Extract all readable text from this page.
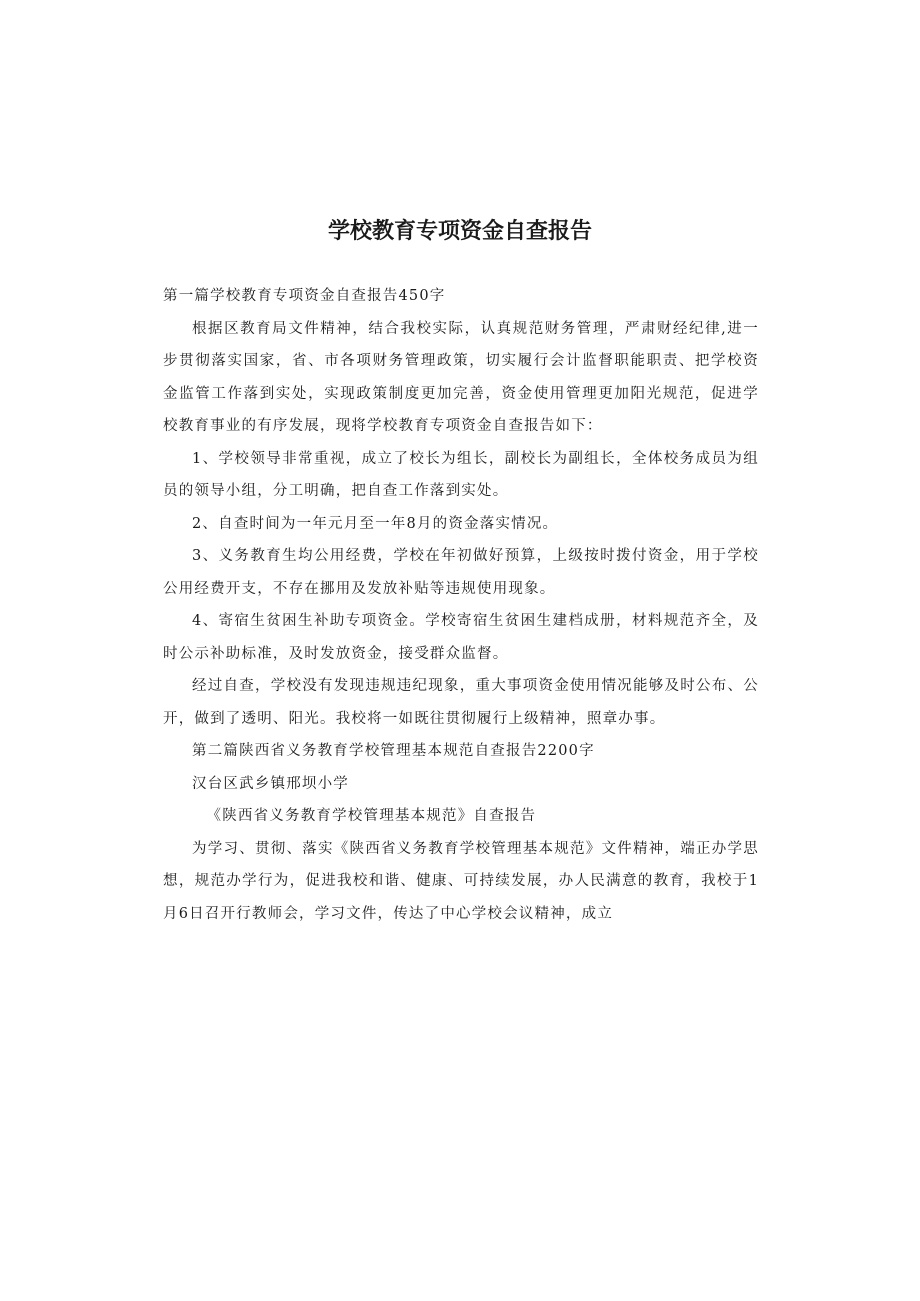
学校教育专项资金自查报告

第一篇学校教育专项资金自查报告450字

根据区教育局文件精神，结合我校实际，认真规范财务管理，严肃财经纪律,进一步贯彻落实国家，省、市各项财务管理政策，切实履行会计监督职能职责、把学校资金监管工作落到实处，实现政策制度更加完善，资金使用管理更加阳光规范，促进学校教育事业的有序发展，现将学校教育专项资金自查报告如下：

1、学校领导非常重视，成立了校长为组长，副校长为副组长，全体校务成员为组员的领导小组，分工明确，把自查工作落到实处。

2、自查时间为一年元月至一年8月的资金落实情况。

3、义务教育生均公用经费，学校在年初做好预算，上级按时拨付资金，用于学校公用经费开支，不存在挪用及发放补贴等违规使用现象。

4、寄宿生贫困生补助专项资金。学校寄宿生贫困生建档成册，材料规范齐全，及时公示补助标准，及时发放资金，接受群众监督。

经过自查，学校没有发现违规违纪现象，重大事项资金使用情况能够及时公布、公开，做到了透明、阳光。我校将一如既往贯彻履行上级精神，照章办事。

第二篇陕西省义务教育学校管理基本规范自查报告2200字

汉台区武乡镇邢坝小学

《陕西省义务教育学校管理基本规范》自查报告

为学习、贯彻、落实《陕西省义务教育学校管理基本规范》文件精神，端正办学思想，规范办学行为，促进我校和谐、健康、可持续发展，办人民满意的教育，我校于1月6日召开行教师会，学习文件，传达了中心学校会议精神，成立
